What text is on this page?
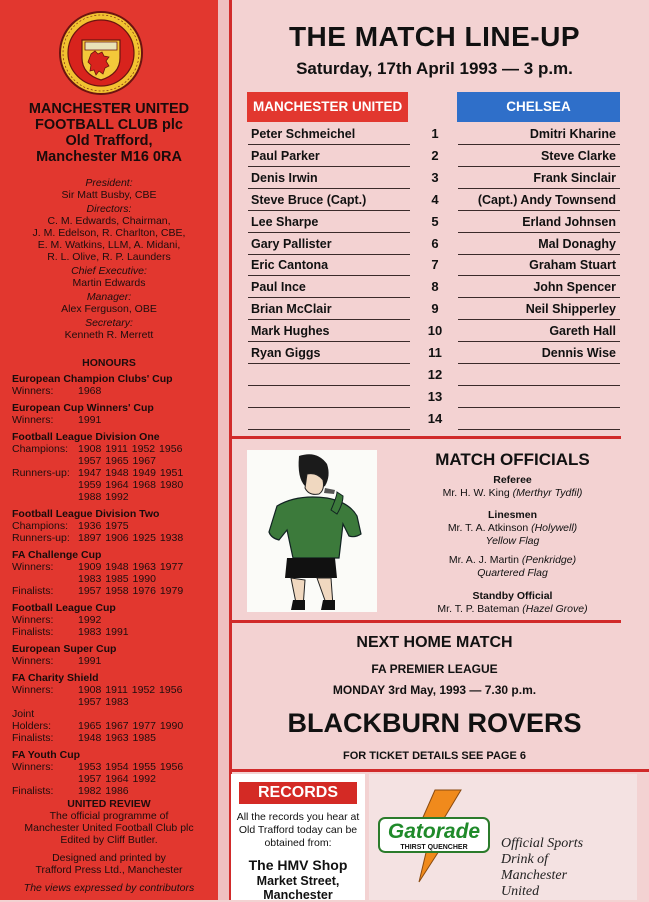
MANCHESTER UNITED
FOOTBALL CLUB plc
Old Trafford,
Manchester M16 0RA
President:
Sir Matt Busby, CBE
Directors:
C. M. Edwards, Chairman,
J. M. Edelson, R. Charlton, CBE,
E. M. Watkins, LLM, A. Midani,
R. L. Olive, R. P. Launders
Chief Executive:
Martin Edwards
Manager:
Alex Ferguson, OBE
Secretary:
Kenneth R. Merrett
HONOURS
European Champion Clubs' Cup
Winners: 1968
European Cup Winners' Cup
Winners: 1991
Football League Division One
Champions: 1908 1911 1952 1956
1957 1965 1967
Runners-up: 1947 1948 1949 1951
1959 1964 1968 1980
1988 1992
Football League Division Two
Champions: 1936 1975
Runners-up: 1897 1906 1925 1938
FA Challenge Cup
Winners: 1909 1948 1963 1977
1983 1985 1990
Finalists: 1957 1958 1976 1979
Football League Cup
Winners: 1992
Finalists: 1983 1991
European Super Cup
Winners: 1991
FA Charity Shield
Winners: 1908 1911 1952 1956
1957 1983
Joint
Holders:	1965 1967 1977 1990
Finalists: 1948 1963 1985
FA Youth Cup
Winners: 1953 1954 1955 1956
1957 1964 1992
Finalists: 1982 1986
UNITED REVIEW
The official programme of
Manchester United Football Club plc
Edited by Cliff Butler.
Designed and printed by
Trafford Press Ltd., Manchester
The views expressed by contributors
THE MATCH LINE-UP
Saturday, 17th April 1993 — 3 p.m.
MANCHESTER UNITED	CHELSEA
MATCH OFFICIALS
Referee
Mr. H. W. King (Merthyr Tydfil)
Linesmen
Mr. T. A. Atkinson (Holywell)
Yellow Flag
Mr. A. J. Martin (Penkridge)
Quartered Flag
Standby Official
Mr. T. P. Bateman (Hazel Grove)
NEXT HOME MATCH
FA PREMIER LEAGUE
MONDAY 3rd May, 1993 — 7.30 p.m.
BLACKBURN ROVERS
FOR TICKET DETAILS SEE PAGE 6
RECORDS
All the records you hear at
Old Trafford today can be
obtained from:
The HMV Shop
Market Street,
Manchester
Gatorade
THIRST QUENCHER	Official Sports
Drink of
Manchester
United
Peter Schmeichel	1	Dmitri Kharine
Paul Parker	2	Steve Clarke
Denis Irwin	3	Frank Sinclair
Steve Bruce (Capt.)	4	(Capt.) Andy Townsend
Lee Sharpe	5	Erland Johnsen
Gary Pallister	6	Mal Donaghy
Eric Cantona	7	Graham Stuart
Paul Ince	8	John Spencer
Brian McClair	9	Neil Shipperley
Mark Hughes	10	Gareth Hall
Ryan Giggs	11	Dennis Wise
12
13
14
